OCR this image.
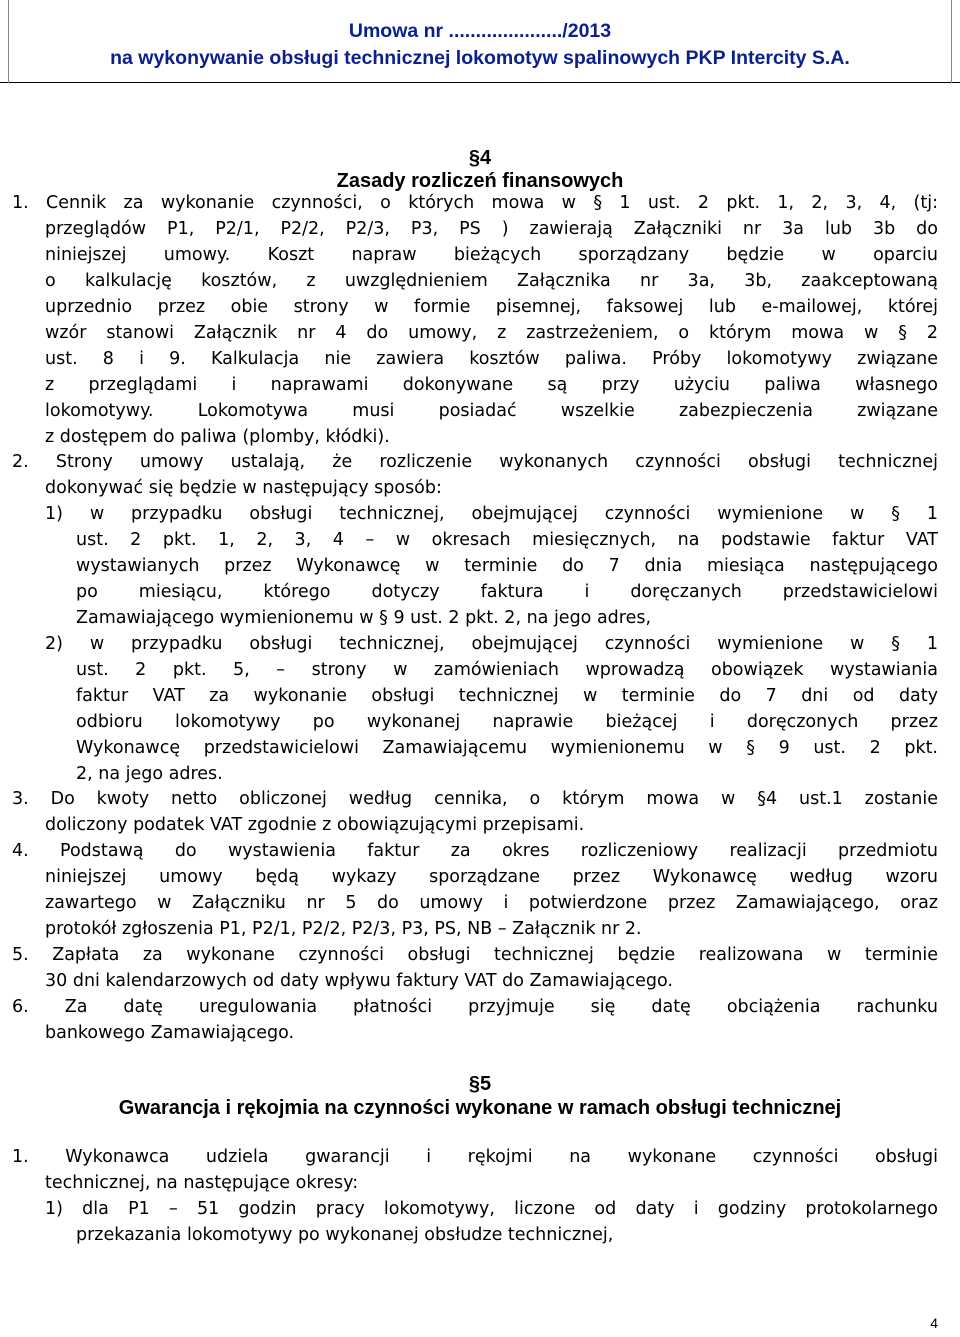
Umowa nr ...................../2013
na wykonywanie obsługi technicznej lokomotyw spalinowych PKP Intercity S.A.
§4
Zasady rozliczeń finansowych
1. Cennik za wykonanie czynności, o których mowa w § 1 ust. 2 pkt. 1, 2, 3, 4, (tj:
przeglądów P1, P2/1, P2/2, P2/3, P3, PS ) zawierają Załączniki nr 3a lub 3b do
niniejszej umowy. Koszt napraw bieżących sporządzany będzie w oparciu
o kalkulację kosztów, z uwzględnieniem Załącznika nr 3a, 3b, zaakceptowaną
uprzednio przez obie strony w formie pisemnej, faksowej lub e-mailowej, której
wzór stanowi Załącznik nr 4 do umowy, z zastrzeżeniem, o którym mowa w § 2
ust. 8 i 9. Kalkulacja nie zawiera kosztów paliwa. Próby lokomotywy związane
z przeglądami i naprawami dokonywane są przy użyciu paliwa własnego
lokomotywy. Lokomotywa musi posiadać wszelkie zabezpieczenia związane
z dostępem do paliwa (plomby, kłódki).
2. Strony umowy ustalają, że rozliczenie wykonanych czynności obsługi technicznej
dokonywać się będzie w następujący sposób:
1) w przypadku obsługi technicznej, obejmującej czynności wymienione w § 1
ust. 2 pkt. 1, 2, 3, 4 – w okresach miesięcznych, na podstawie faktur VAT
wystawianych przez Wykonawcę w terminie do 7 dnia miesiąca następującego
po miesiącu, którego dotyczy faktura i doręczanych przedstawicielowi
Zamawiającego wymienionemu w § 9 ust. 2 pkt. 2, na jego adres,
2) w przypadku obsługi technicznej, obejmującej czynności wymienione w § 1
ust. 2 pkt. 5, – strony w zamówieniach wprowadzą obowiązek wystawiania
faktur VAT za wykonanie obsługi technicznej w terminie do 7 dni od daty
odbioru lokomotywy po wykonanej naprawie bieżącej i doręczonych przez
Wykonawcę przedstawicielowi Zamawiającemu wymienionemu w § 9 ust. 2 pkt.
2, na jego adres.
3. Do kwoty netto obliczonej według cennika, o którym mowa w §4 ust.1 zostanie
doliczony podatek VAT zgodnie z obowiązującymi przepisami.
4. Podstawą do wystawienia faktur za okres rozliczeniowy realizacji przedmiotu
niniejszej umowy będą wykazy sporządzane przez Wykonawcę według wzoru
zawartego w Załączniku nr 5 do umowy i potwierdzone przez Zamawiającego, oraz
protokół zgłoszenia P1, P2/1, P2/2, P2/3, P3, PS, NB – Załącznik nr 2.
5. Zapłata za wykonane czynności obsługi technicznej będzie realizowana w terminie
30 dni kalendarzowych od daty wpływu faktury VAT do Zamawiającego.
6. Za datę uregulowania płatności przyjmuje się datę obciążenia rachunku
bankowego Zamawiającego.
§5
Gwarancja i rękojmia na czynności wykonane w ramach obsługi technicznej
1. Wykonawca udziela gwarancji i rękojmi na wykonane czynności obsługi
technicznej, na następujące okresy:
1) dla P1 – 51 godzin pracy lokomotywy, liczone od daty i godziny protokolarnego
przekazania lokomotywy po wykonanej obsłudze technicznej,
4
